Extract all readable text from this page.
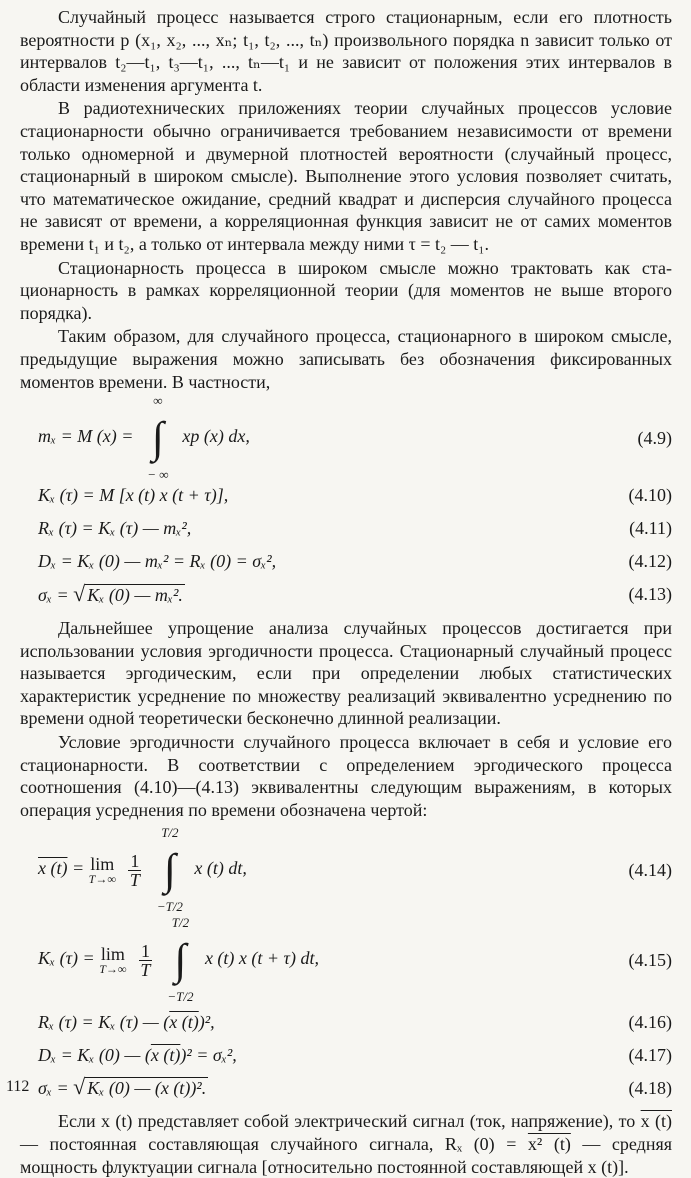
Случайный процесс называется строго стационарным, если его плотность вероятности p (x₁, x₂, ..., xₙ; t₁, t₂, ..., tₙ) произвольного порядка n зависит только от интервалов t₂—t₁, t₃—t₁, ..., tₙ—t₁ и не зависит от положения этих интервалов в области изменения аргумента t.

В радиотехнических приложениях теории случайных процессов условие стационарности обычно ограничивается требованием независимости от времени только одномерной и двумерной плотностей вероятности (случайный процесс, стационарный в широком смысле). Выполнение этого условия позволяет считать, что математическое ожидание, средний квадрат и дисперсия случайного процесса не зависят от времени, а корреляционная функция зависит не от самих моментов времени t₁ и t₂, а только от интервала между ними τ = t₂ — t₁.

Стационарность процесса в широком смысле можно трактовать как стационарность в рамках корреляционной теории (для моментов не выше второго порядка).

Таким образом, для случайного процесса, стационарного в широком смысле, предыдущие выражения можно записывать без обозначения фиксированных моментов времени. В частности,

mₓ = M (x) =
∞
∫
− ∞
xp (x) dx,	(4.9)
Kₓ (τ) = M [x (t) x (t + τ)],	(4.10)
Rₓ (τ) = Kₓ (τ) — mₓ²,	(4.11)
Dₓ = Kₓ (0) — mₓ² = Rₓ (0) = σₓ²,	(4.12)
σₓ = √ Kₓ (0) — mₓ².	(4.13)

Дальнейшее упрощение анализа случайных процессов достигается при использовании условия эргодичности процесса. Стационарный случайный процесс называется эргодическим, если при определении любых статистических характеристик усреднение по множеству реализаций эквивалентно усреднению по времени одной теоретически бесконечно длинной реализации.

Условие эргодичности случайного процесса включает в себя и условие его стационарности. В соответствии с определением эргодического процесса соотношения (4.10)—(4.13) эквивалентны следующим выражениям, в которых операция усреднения по времени обозначена чертой:

x (t) = lim
T→∞
$\frac{1}{T}$

T/2
∫
−T/2
x (t) dt,	(4.14)
Kₓ (τ) = lim
T→∞
$\frac{1}{T}$

T/2
∫
−T/2
x (t) x (t + τ) dt,	(4.15)
Rₓ (τ) = Kₓ (τ) — (x (t))²,	(4.16)
Dₓ = Kₓ (0) — (x (t))² = σₓ²,	(4.17)
σₓ = √ Kₓ (0) — (x (t))².	(4.18)

Если x (t) представляет собой электрический сигнал (ток, напряжение), то x (t) — постоянная составляющая случайного сигнала, Rₓ (0) = x² (t) — средняя мощность флуктуации сигнала [относительно постоянной составляющей x (t)].

112
